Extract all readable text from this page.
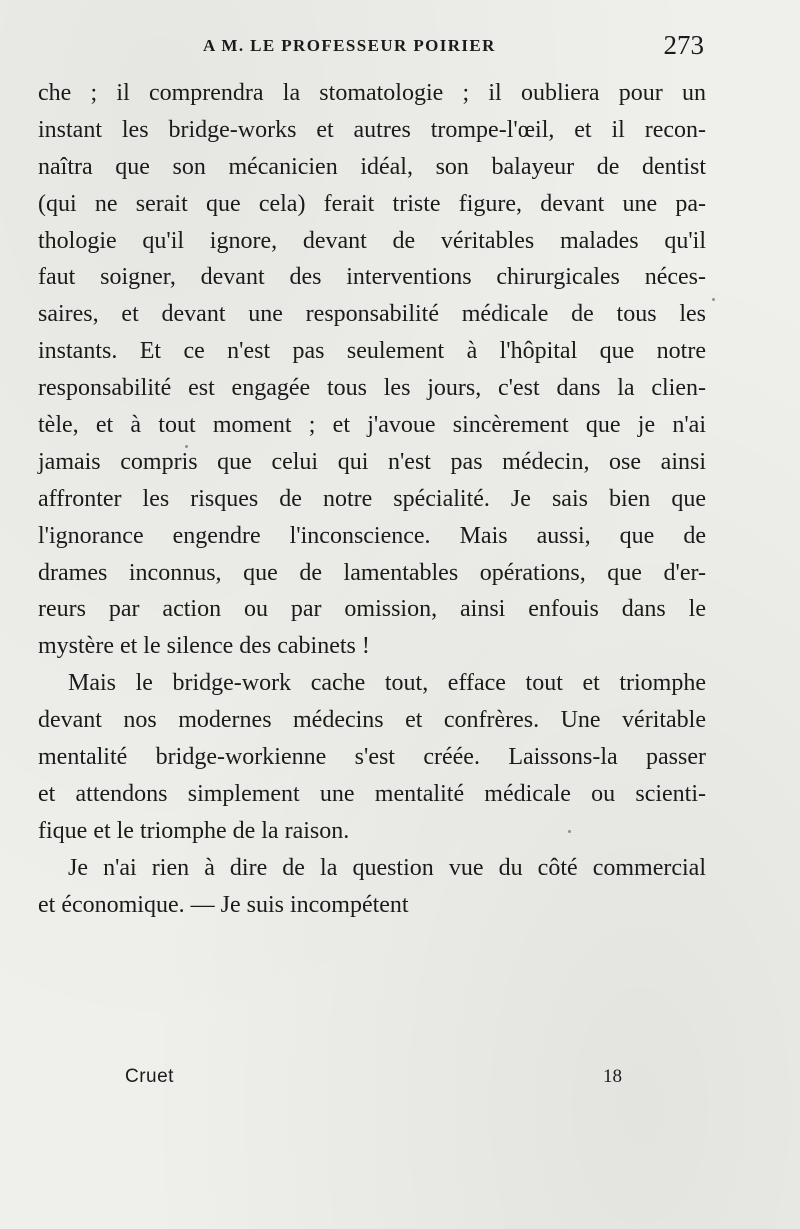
A M. LE PROFESSEUR POIRIER	273
che ; il comprendra la stomatologie ; il oubliera pour un
instant les bridge-works et autres trompe-l'œil, et il recon-
naîtra que son mécanicien idéal, son balayeur de dentist
(qui ne serait que cela) ferait triste figure, devant une pa-
thologie qu'il ignore, devant de véritables malades qu'il
faut soigner, devant des interventions chirurgicales néces-
saires, et devant une responsabilité médicale de tous les
instants. Et ce n'est pas seulement à l'hôpital que notre
responsabilité est engagée tous les jours, c'est dans la clien-
tèle, et à tout moment ; et j'avoue sincèrement que je n'ai
jamais compris que celui qui n'est pas médecin, ose ainsi
affronter les risques de notre spécialité. Je sais bien que
l'ignorance engendre l'inconscience. Mais aussi, que de
drames inconnus, que de lamentables opérations, que d'er-
reurs par action ou par omission, ainsi enfouis dans le
mystère et le silence des cabinets !
Mais le bridge-work cache tout, efface tout et triomphe
devant nos modernes médecins et confrères. Une véritable
mentalité bridge-workienne s'est créée. Laissons-la passer
et attendons simplement une mentalité médicale ou scienti-
fique et le triomphe de la raison.
Je n'ai rien à dire de la question vue du côté commercial
et économique. — Je suis incompétent
Cruet	18
